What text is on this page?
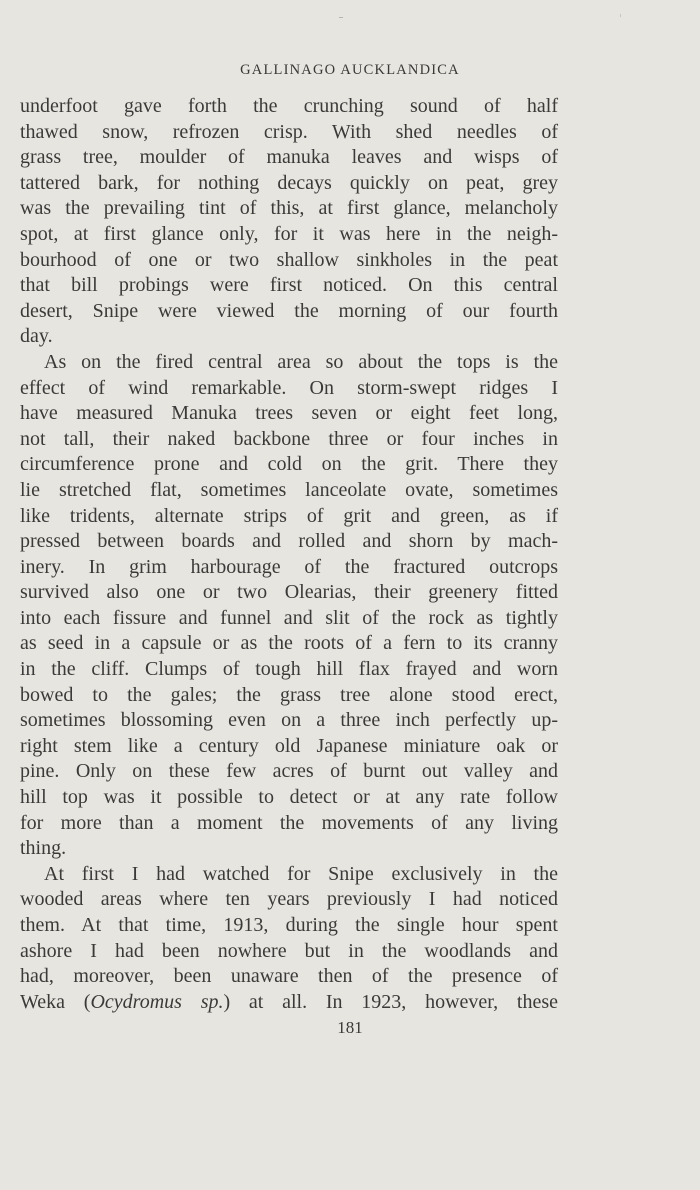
GALLINAGO AUCKLANDICA
underfoot gave forth the crunching sound of half
thawed snow, refrozen crisp. With shed needles of
grass tree, moulder of manuka leaves and wisps of
tattered bark, for nothing decays quickly on peat, grey
was the prevailing tint of this, at first glance, melancholy
spot, at first glance only, for it was here in the neigh-
bourhood of one or two shallow sinkholes in the peat
that bill probings were first noticed. On this central
desert, Snipe were viewed the morning of our fourth
day.
As on the fired central area so about the tops is the
effect of wind remarkable. On storm-swept ridges I
have measured Manuka trees seven or eight feet long,
not tall, their naked backbone three or four inches in
circumference prone and cold on the grit. There they
lie stretched flat, sometimes lanceolate ovate, sometimes
like tridents, alternate strips of grit and green, as if
pressed between boards and rolled and shorn by mach-
inery. In grim harbourage of the fractured outcrops
survived also one or two Olearias, their greenery fitted
into each fissure and funnel and slit of the rock as tightly
as seed in a capsule or as the roots of a fern to its cranny
in the cliff. Clumps of tough hill flax frayed and worn
bowed to the gales; the grass tree alone stood erect,
sometimes blossoming even on a three inch perfectly up-
right stem like a century old Japanese miniature oak or
pine. Only on these few acres of burnt out valley and
hill top was it possible to detect or at any rate follow
for more than a moment the movements of any living
thing.
At first I had watched for Snipe exclusively in the
wooded areas where ten years previously I had noticed
them. At that time, 1913, during the single hour spent
ashore I had been nowhere but in the woodlands and
had, moreover, been unaware then of the presence of
Weka (Ocydromus sp.) at all. In 1923, however, these
181
